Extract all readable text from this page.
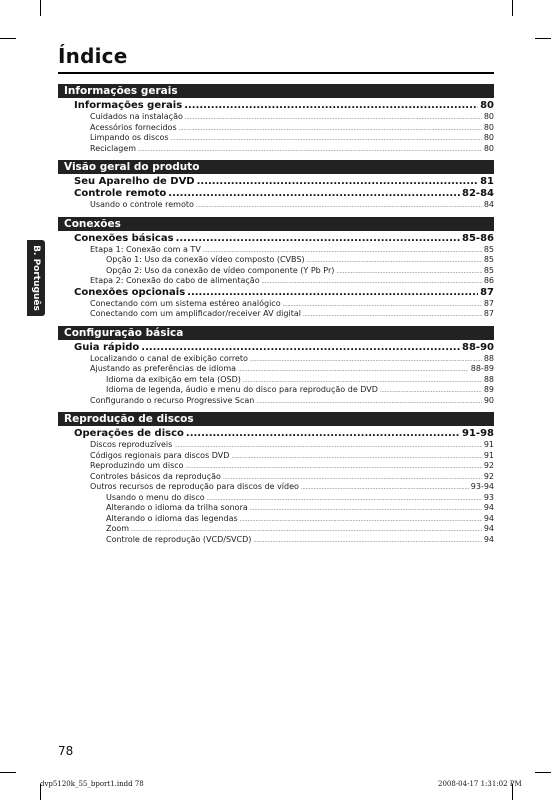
Índice
B. Português
Informações gerais
Informações gerais .....	80
Cuidados na instalação .....	80
Acessórios fornecidos .....	80
Limpando os discos .....	80
Reciclagem .....	80
Visão geral do produto
Seu Aparelho de DVD .....	81
Controle remoto .....	82-84
Usando o controle remoto .....	84
Conexões
Conexões básicas .....	85-86
Etapa 1: Conexão com a TV .....	85
Opção 1: Uso da conexão vídeo composto (CVBS) .....	85
Opção 2: Uso da conexão de vídeo componente (Y Pb Pr) .....	85
Etapa 2: Conexão do cabo de alimentação .....	86
Conexões opcionais .....	87
Conectando com um sistema estéreo analógico .....	87
Conectando com um amplificador/receiver AV digital .....	87
Configuração básica
Guia rápido .....	88-90
Localizando o canal de exibição correto .....	88
Ajustando as preferências de idioma .....	88-89
Idioma da exibição em tela (OSD) .....	88
Idioma de legenda, áudio e menu do disco para reprodução de DVD .....	89
Configurando o recurso Progressive Scan .....	90
Reprodução de discos
Operações de disco .....	91-98
Discos reproduzíveis .....	91
Códigos regionais para discos DVD .....	91
Reproduzindo um disco .....	92
Controles básicos da reprodução .....	92
Outros recursos de reprodução para discos de vídeo .....	93-94
Usando o menu do disco .....	93
Alterando o idioma da trilha sonora .....	94
Alterando o idioma das legendas .....	94
Zoom .....	94
Controle de reprodução (VCD/SVCD) .....	94
78
dvp5120k_55_bport1.indd 78	2008-04-17 1:31:02 PM
